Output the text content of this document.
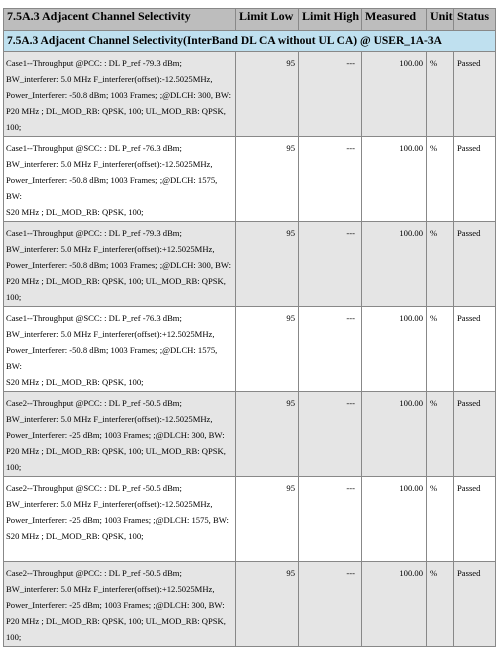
7.5A.3 Adjacent Channel Selectivity	Limit Low	Limit High	Measured	Unit	Status
7.5A.3 Adjacent Channel Selectivity(InterBand DL CA without UL CA) @ USER_1A-3A					

Case1--Throughput @PCC: : DL P_ref -79.3 dBm;
BW_interferer: 5.0 MHz F_interferer(offset):-12.5025MHz,
Power_Interferer: -50.8 dBm; 1003 Frames; ;@DLCH: 300, BW:
P20 MHz ; DL_MOD_RB: QPSK, 100; UL_MOD_RB: QPSK,
100;	95	---	100.00	%	Passed

Case1--Throughput @SCC: : DL P_ref -76.3 dBm;
BW_interferer: 5.0 MHz F_interferer(offset):-12.5025MHz,
Power_Interferer: -50.8 dBm; 1003 Frames; ;@DLCH: 1575, BW:
S20 MHz ; DL_MOD_RB: QPSK, 100;	95	---	100.00	%	Passed

Case1--Throughput @PCC: : DL P_ref -79.3 dBm;
BW_interferer: 5.0 MHz F_interferer(offset):+12.5025MHz,
Power_Interferer: -50.8 dBm; 1003 Frames; ;@DLCH: 300, BW:
P20 MHz ; DL_MOD_RB: QPSK, 100; UL_MOD_RB: QPSK,
100;	95	---	100.00	%	Passed

Case1--Throughput @SCC: : DL P_ref -76.3 dBm;
BW_interferer: 5.0 MHz F_interferer(offset):+12.5025MHz,
Power_Interferer: -50.8 dBm; 1003 Frames; ;@DLCH: 1575, BW:
S20 MHz ; DL_MOD_RB: QPSK, 100;	95	---	100.00	%	Passed

Case2--Throughput @PCC: : DL P_ref -50.5 dBm;
BW_interferer: 5.0 MHz F_interferer(offset):-12.5025MHz,
Power_Interferer: -25 dBm; 1003 Frames; ;@DLCH: 300, BW:
P20 MHz ; DL_MOD_RB: QPSK, 100; UL_MOD_RB: QPSK,
100;	95	---	100.00	%	Passed

Case2--Throughput @SCC: : DL P_ref -50.5 dBm;
BW_interferer: 5.0 MHz F_interferer(offset):-12.5025MHz,
Power_Interferer: -25 dBm; 1003 Frames; ;@DLCH: 1575, BW:
S20 MHz ; DL_MOD_RB: QPSK, 100;	95	---	100.00	%	Passed

Case2--Throughput @PCC: : DL P_ref -50.5 dBm;
BW_interferer: 5.0 MHz F_interferer(offset):+12.5025MHz,
Power_Interferer: -25 dBm; 1003 Frames; ;@DLCH: 300, BW:
P20 MHz ; DL_MOD_RB: QPSK, 100; UL_MOD_RB: QPSK,
100;	95	---	100.00	%	Passed
